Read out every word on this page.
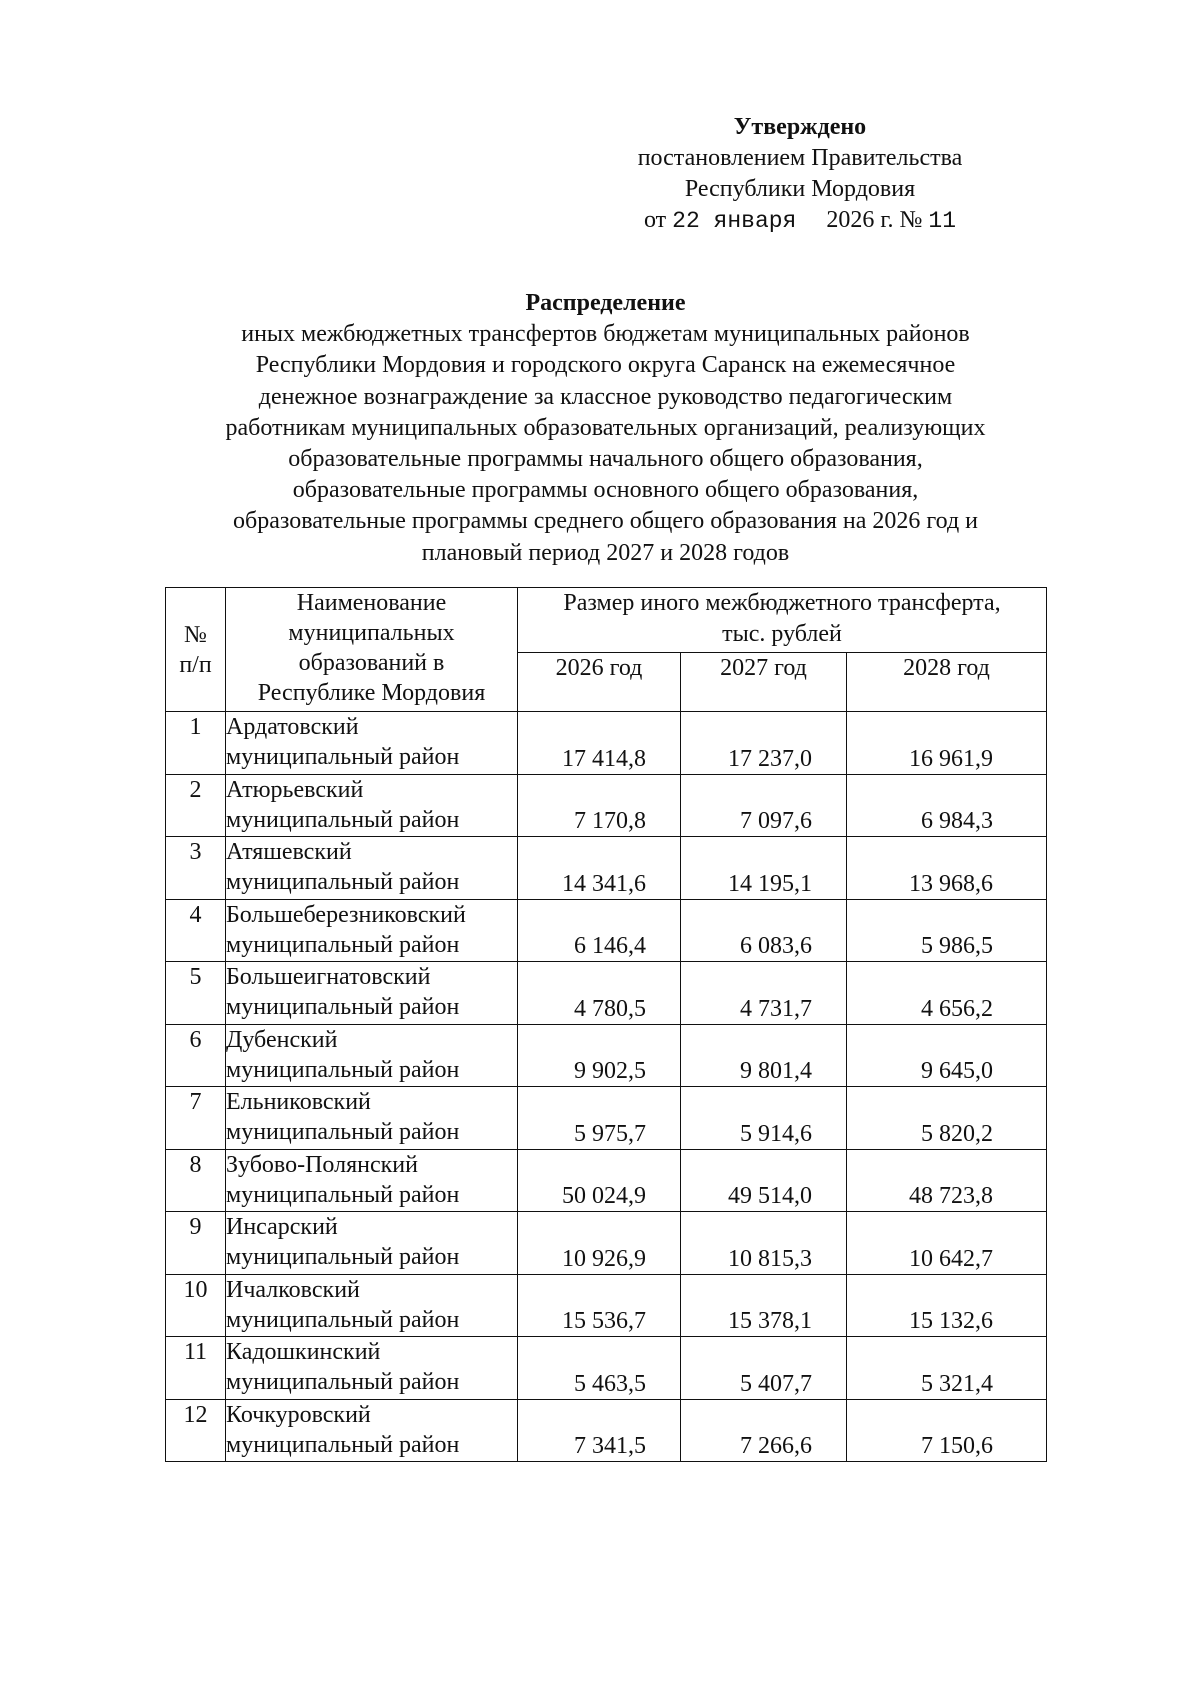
Утверждено
постановлением Правительства
Республики Мордовия
от 22 января 2026 г. № 11
Распределение
иных межбюджетных трансфертов бюджетам муниципальных районов
Республики Мордовия и городского округа Саранск на ежемесячное
денежное вознаграждение за классное руководство педагогическим
работникам муниципальных образовательных организаций, реализующих
образовательные программы начального общего образования,
образовательные программы основного общего образования,
образовательные программы среднего общего образования на 2026 год и
плановый период 2027 и 2028 годов
№
п/п	Наименование
муниципальных
образований в
Республике Мордовия	Размер иного межбюджетного трансферта,
тыс. рублей		

		2026 год	2027 год	2028 год
1	Ардатовский
муниципальный район	17 414,8	17 237,0	16 961,9
2	Атюрьевский
муниципальный район	7 170,8	7 097,6	6 984,3
3	Атяшевский
муниципальный район	14 341,6	14 195,1	13 968,6
4	Большеберезниковский
муниципальный район	6 146,4	6 083,6	5 986,5
5	Большеигнатовский
муниципальный район	4 780,5	4 731,7	4 656,2
6	Дубенский
муниципальный район	9 902,5	9 801,4	9 645,0
7	Ельниковский
муниципальный район	5 975,7	5 914,6	5 820,2
8	Зубово-Полянский
муниципальный район	50 024,9	49 514,0	48 723,8
9	Инсарский
муниципальный район	10 926,9	10 815,3	10 642,7
10	Ичалковский
муниципальный район	15 536,7	15 378,1	15 132,6
11	Кадошкинский
муниципальный район	5 463,5	5 407,7	5 321,4
12	Кочкуровский
муниципальный район	7 341,5	7 266,6	7 150,6
